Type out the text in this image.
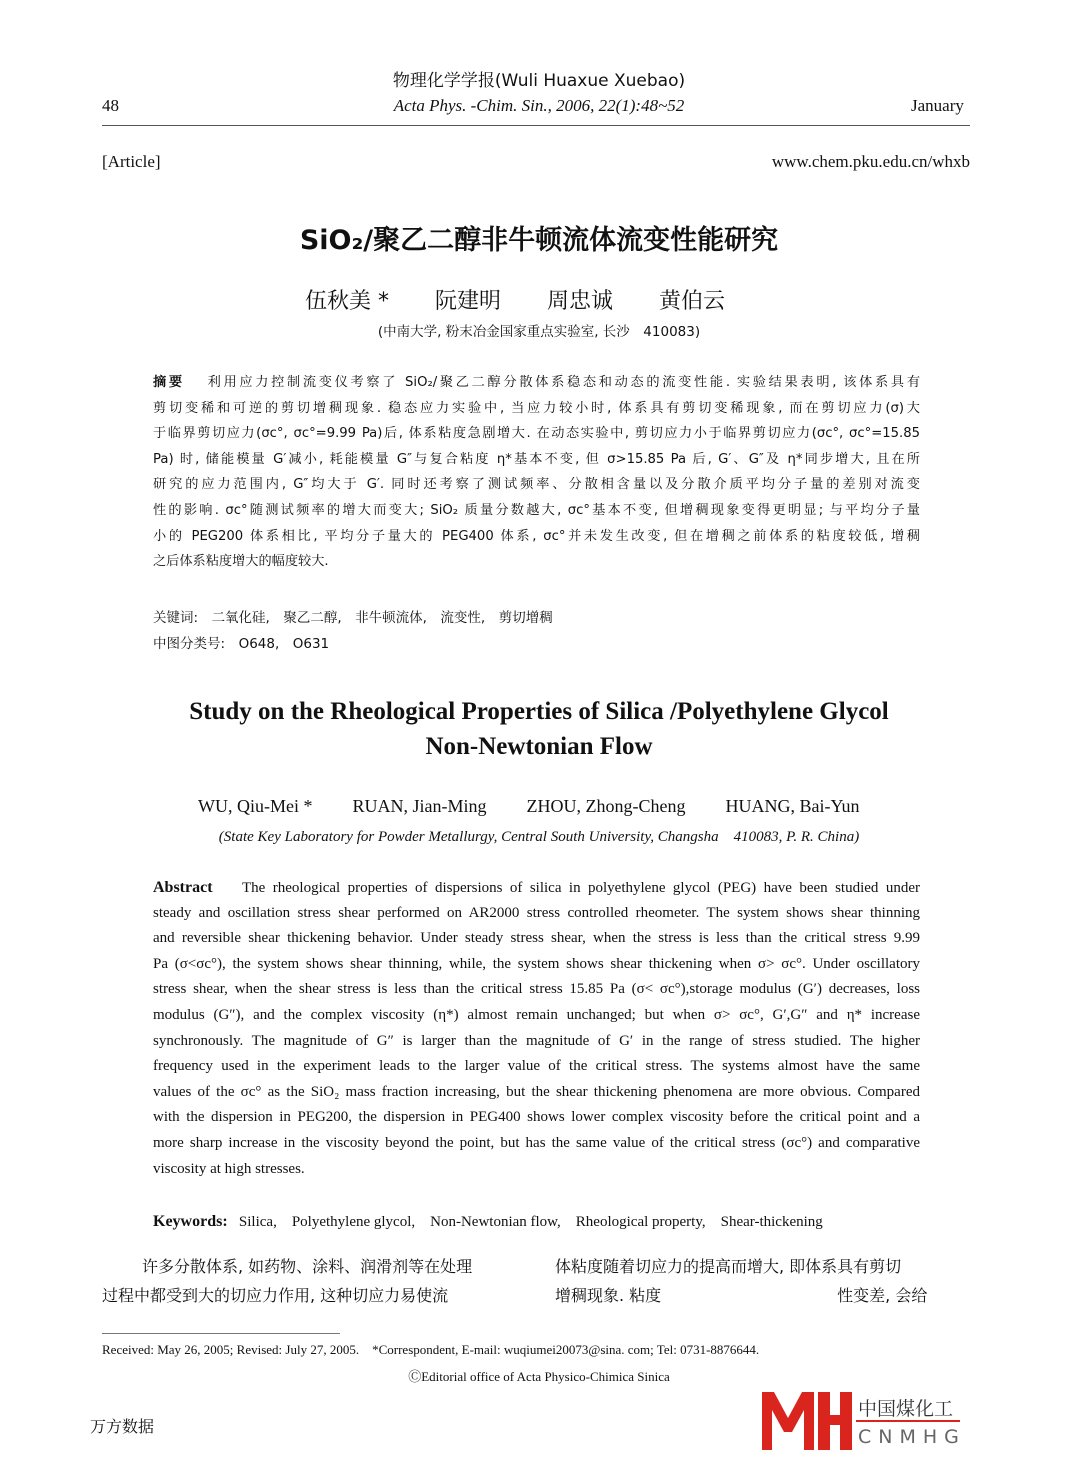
物理化学学报(Wuli Huaxue Xuebao)
Acta Phys. -Chim. Sin., 2006, 22(1):48~52
48	January
[Article]	www.chem.pku.edu.cn/whxb
SiO₂/聚乙二醇非牛顿流体流变性能研究
伍秋美 * 阮建明 周忠诚 黄伯云
(中南大学, 粉末冶金国家重点实验室, 长沙　410083)
摘要　 利用应力控制流变仪考察了 SiO₂/聚乙二醇分散体系稳态和动态的流变性能. 实验结果表明, 该体系具有
剪切变稀和可逆的剪切增稠现象. 稳态应力实验中, 当应力较小时, 体系具有剪切变稀现象, 而在剪切应力(σ)大
于临界剪切应力(σc°, σc°=9.99 Pa)后, 体系粘度急剧增大. 在动态实验中, 剪切应力小于临界剪切应力(σc°, σc°=15.85
Pa) 时, 储能模量 G′减小, 耗能模量 G″与复合粘度 η*基本不变, 但 σ>15.85 Pa 后, G′、G″及 η*同步增大, 且在所
研究的应力范围内, G″均大于 G′. 同时还考察了测试频率、分散相含量以及分散介质平均分子量的差别对流变
性的影响. σc°随测试频率的增大而变大; SiO₂ 质量分数越大, σc°基本不变, 但增稠现象变得更明显; 与平均分子量
小的 PEG200 体系相比, 平均分子量大的 PEG400 体系, σc°并未发生改变, 但在增稠之前体系的粘度较低, 增稠
之后体系粘度增大的幅度较大.
关键词:　 二氧化硅,　聚乙二醇,　非牛顿流体,　流变性,　剪切增稠
中图分类号:　 O648,　O631
Study on the Rheological Properties of Silica /Polyethylene Glycol
Non-Newtonian Flow
WU, Qiu-Mei * RUAN, Jian-Ming ZHOU, Zhong-Cheng HUANG, Bai-Yun
(State Key Laboratory for Powder Metallurgy, Central South University, Changsha　410083, P. R. China)
Abstract The rheological properties of dispersions of silica in polyethylene glycol (PEG) have been studied under
steady and oscillation stress shear performed on AR2000 stress controlled rheometer. The system shows shear thinning
and reversible shear thickening behavior. Under steady stress shear, when the stress is less than the critical stress 9.99
Pa (σ<σc°), the system shows shear thinning, while, the system shows shear thickening when σ> σc°. Under oscillatory
stress shear, when the shear stress is less than the critical stress 15.85 Pa (σ< σc°),storage modulus (G′) decreases, loss
modulus (G″), and the complex viscosity (η*) almost remain unchanged; but when σ> σc°, G′,G″ and η* increase
synchronously. The magnitude of G″ is larger than the magnitude of G′ in the range of stress studied. The higher
frequency used in the experiment leads to the larger value of the critical stress. The systems almost have the same
values of the σc° as the SiO₂ mass fraction increasing, but the shear thickening phenomena are more obvious. Compared
with the dispersion in PEG200, the dispersion in PEG400 shows lower complex viscosity before the critical point and a
more sharp increase in the viscosity beyond the point, but has the same value of the critical stress (σc°) and comparative
viscosity at high stresses.
Keywords: Silica,　Polyethylene glycol,　Non-Newtonian flow,　Rheological property,　Shear-thickening
许多分散体系, 如药物、涂料、润滑剂等在处理
过程中都受到大的切应力作用, 这种切应力易使流
体粘度随着切应力的提高而增大, 即体系具有剪切
增稠现象. 粘度　　　　　　　　　　　性变差, 会给
Received: May 26, 2005; Revised: July 27, 2005. *Correspondent, E-mail: wuqiumei20073@sina. com; Tel: 0731-8876644.
ⒸEditorial office of Acta Physico-Chimica Sinica
万方数据
中国煤化工
CNMHG
